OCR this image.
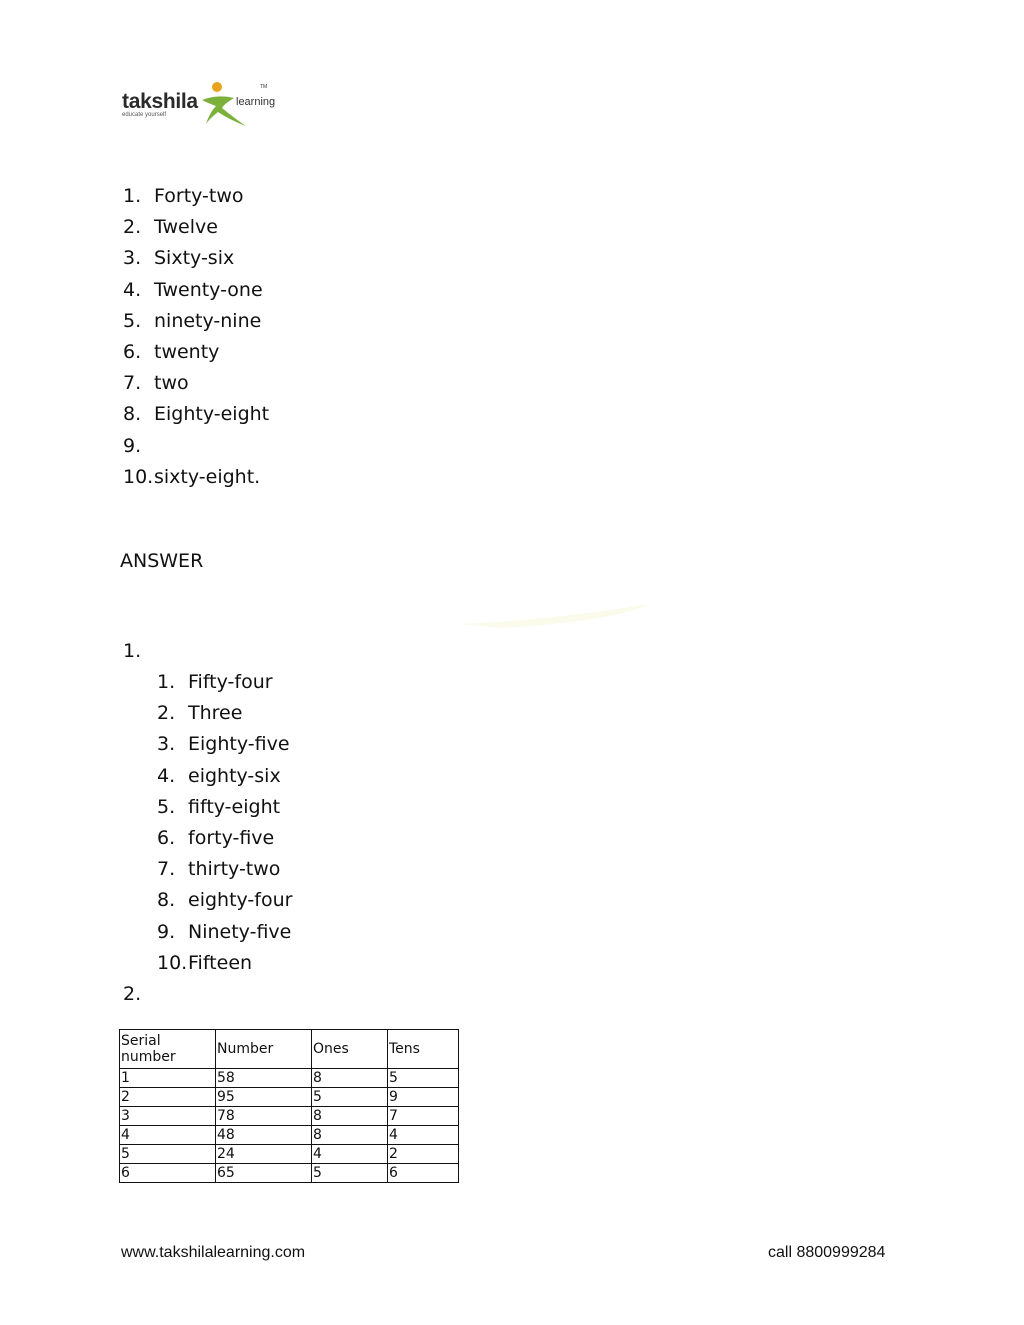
takshila	learning
TM
educate yourself
1. Forty-two
2. Twelve
3. Sixty-six
4. Twenty-one
5. ninety-nine
6. twenty
7. two
8. Eighty-eight
9.
10.sixty-eight.
ANSWER
1.
1. Fifty-four
2. Three
3. Eighty-five
4. eighty-six
5. fifty-eight
6. forty-five
7. thirty-two
8. eighty-four
9. Ninety-five
10.Fifteen
2.
Serial number	Number	Ones	Tens
1	58	8	5
2	95	5	9
3	78	8	7
4	48	8	4
5	24	4	2
6	65	5	6
www.takshilalearning.com	call 8800999284
